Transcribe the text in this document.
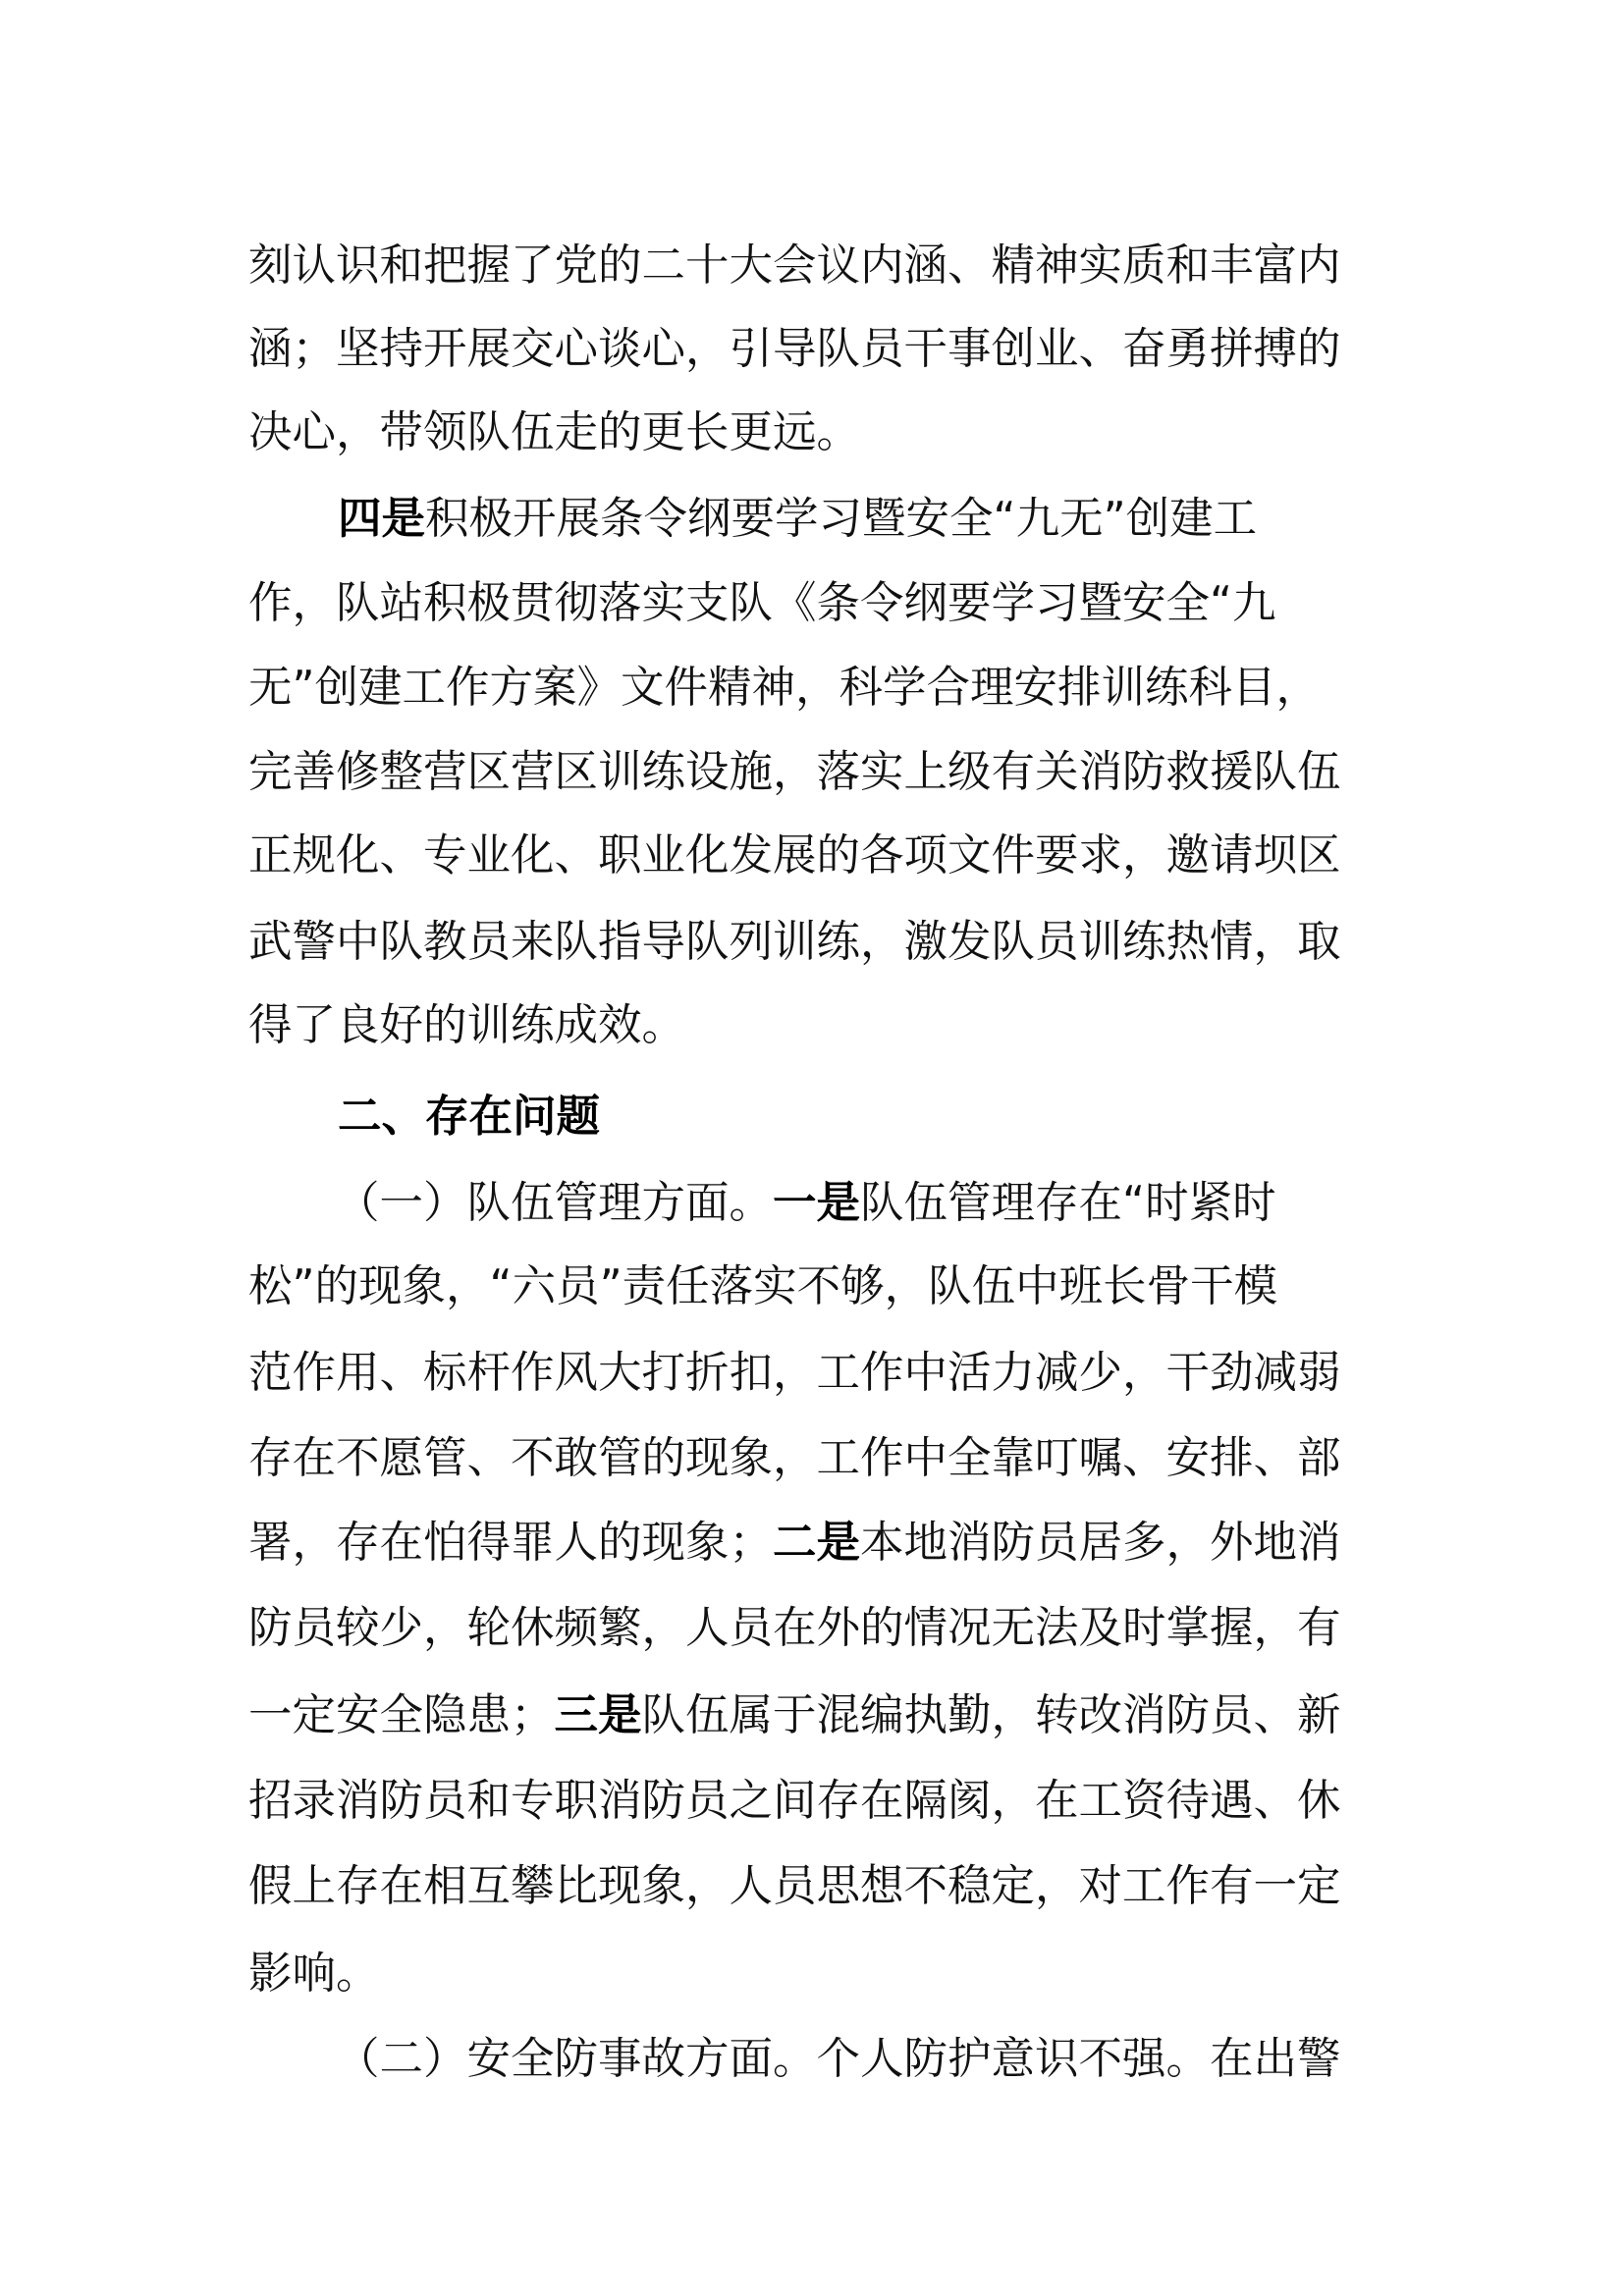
刻认识和把握了党的二十大会议内涵、精神实质和丰富内
涵；坚持开展交心谈心，引导队员干事创业、奋勇拼搏的
决心，带领队伍走的更长更远。
四是积极开展条令纲要学习暨安全“九无”创建工
作，队站积极贯彻落实支队《条令纲要学习暨安全“九
无”创建工作方案》文件精神，科学合理安排训练科目，
完善修整营区营区训练设施，落实上级有关消防救援队伍
正规化、专业化、职业化发展的各项文件要求，邀请坝区
武警中队教员来队指导队列训练，激发队员训练热情，取
得了良好的训练成效。
二、存在问题
（一）队伍管理方面。一是队伍管理存在“时紧时
松”的现象，“六员”责任落实不够，队伍中班长骨干模
范作用、标杆作风大打折扣，工作中活力减少，干劲减弱
存在不愿管、不敢管的现象，工作中全靠叮嘱、安排、部
署，存在怕得罪人的现象；二是本地消防员居多，外地消
防员较少，轮休频繁，人员在外的情况无法及时掌握，有
一定安全隐患；三是队伍属于混编执勤，转改消防员、新
招录消防员和专职消防员之间存在隔阂，在工资待遇、休
假上存在相互攀比现象，人员思想不稳定，对工作有一定
影响。
（二）安全防事故方面。个人防护意识不强。在出警
